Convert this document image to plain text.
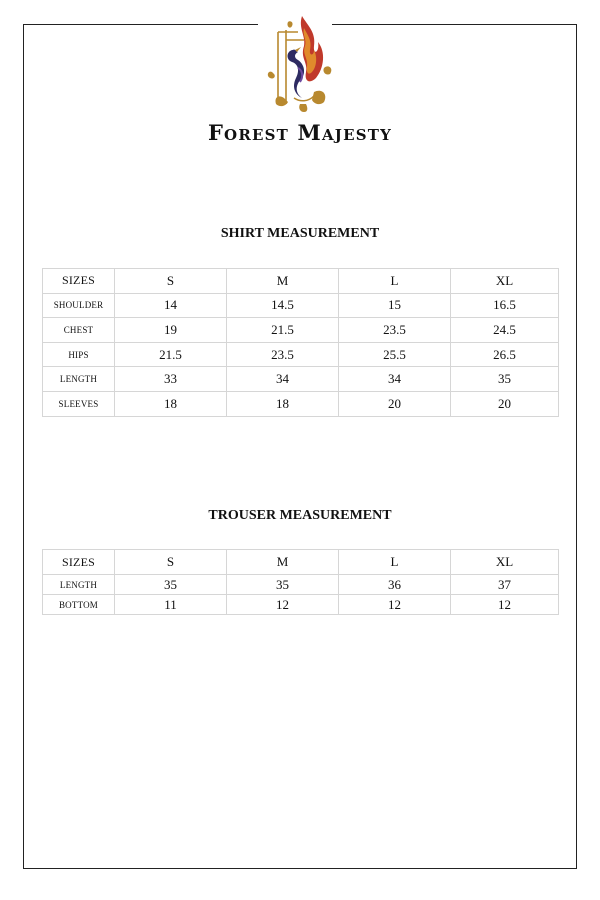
Forest Majesty
SHIRT MEASUREMENT
SIZES	S	M	L	XL
SHOULDER	14	14.5	15	16.5
CHEST	19	21.5	23.5	24.5
HIPS	21.5	23.5	25.5	26.5
LENGTH	33	34	34	35
SLEEVES	18	18	20	20
TROUSER MEASUREMENT
SIZES	S	M	L	XL
LENGTH	35	35	36	37
BOTTOM	11	12	12	12
